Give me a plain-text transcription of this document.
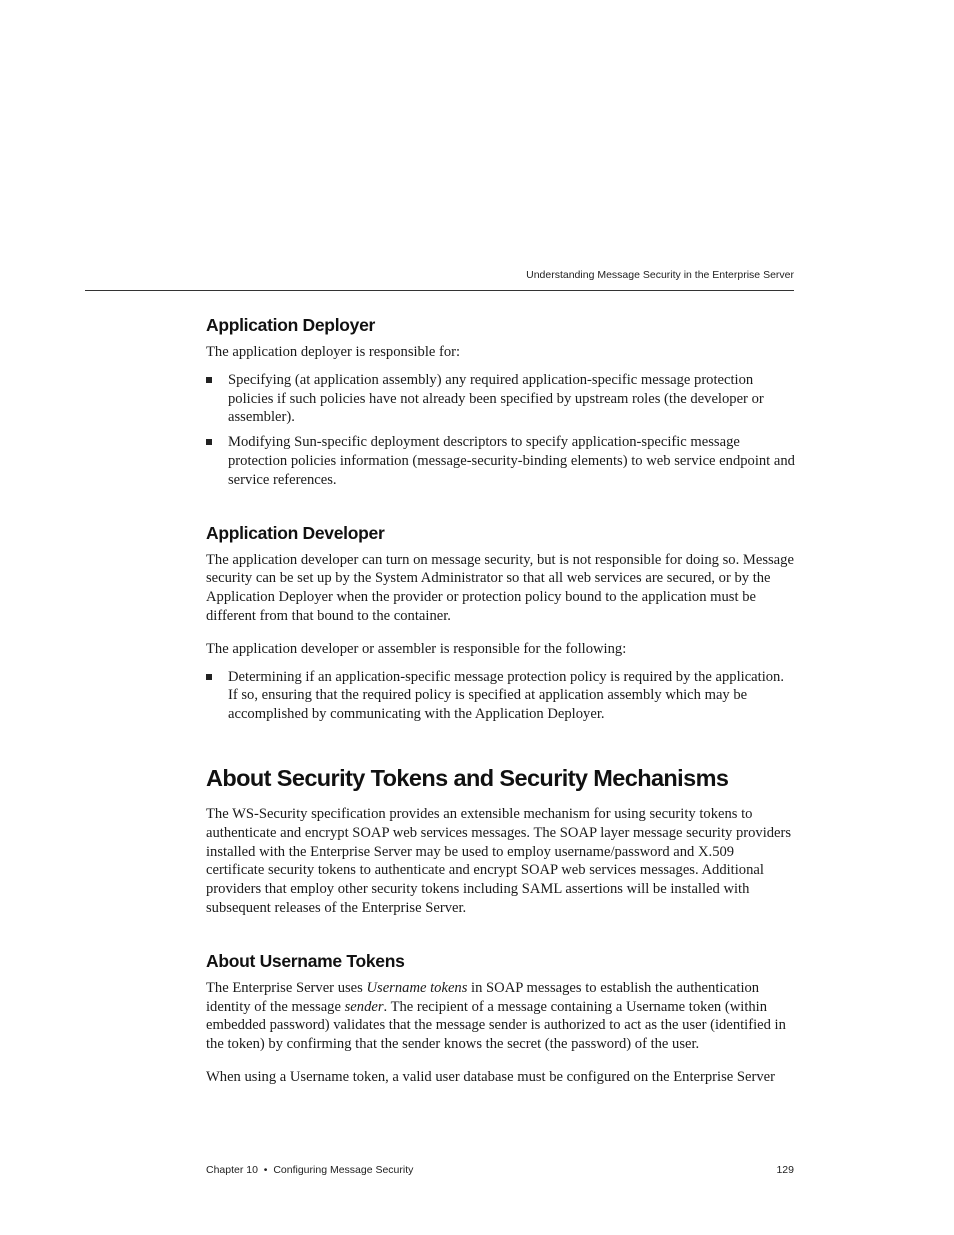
Understanding Message Security in the Enterprise Server
Application Deployer

The application deployer is responsible for:

Specifying (at application assembly) any required application-specific message protection policies if such policies have not already been specified by upstream roles (the developer or assembler).
Modifying Sun-specific deployment descriptors to specify application-specific message protection policies information (message-security-binding elements) to web service endpoint and service references.
Application Developer

The application developer can turn on message security, but is not responsible for doing so. Message security can be set up by the System Administrator so that all web services are secured, or by the Application Deployer when the provider or protection policy bound to the application must be different from that bound to the container.

The application developer or assembler is responsible for the following:

Determining if an application-specific message protection policy is required by the application. If so, ensuring that the required policy is specified at application assembly which may be accomplished by communicating with the Application Deployer.
About Security Tokens and Security Mechanisms

The WS-Security specification provides an extensible mechanism for using security tokens to authenticate and encrypt SOAP web services messages. The SOAP layer message security providers installed with the Enterprise Server may be used to employ username/password and X.509 certificate security tokens to authenticate and encrypt SOAP web services messages. Additional providers that employ other security tokens including SAML assertions will be installed with subsequent releases of the Enterprise Server.

About Username Tokens

The Enterprise Server uses Username tokens in SOAP messages to establish the authentication identity of the message sender. The recipient of a message containing a Username token (within embedded password) validates that the message sender is authorized to act as the user (identified in the token) by confirming that the sender knows the secret (the password) of the user.

When using a Username token, a valid user database must be configured on the Enterprise Server

Chapter 10 • Configuring Message Security	129
